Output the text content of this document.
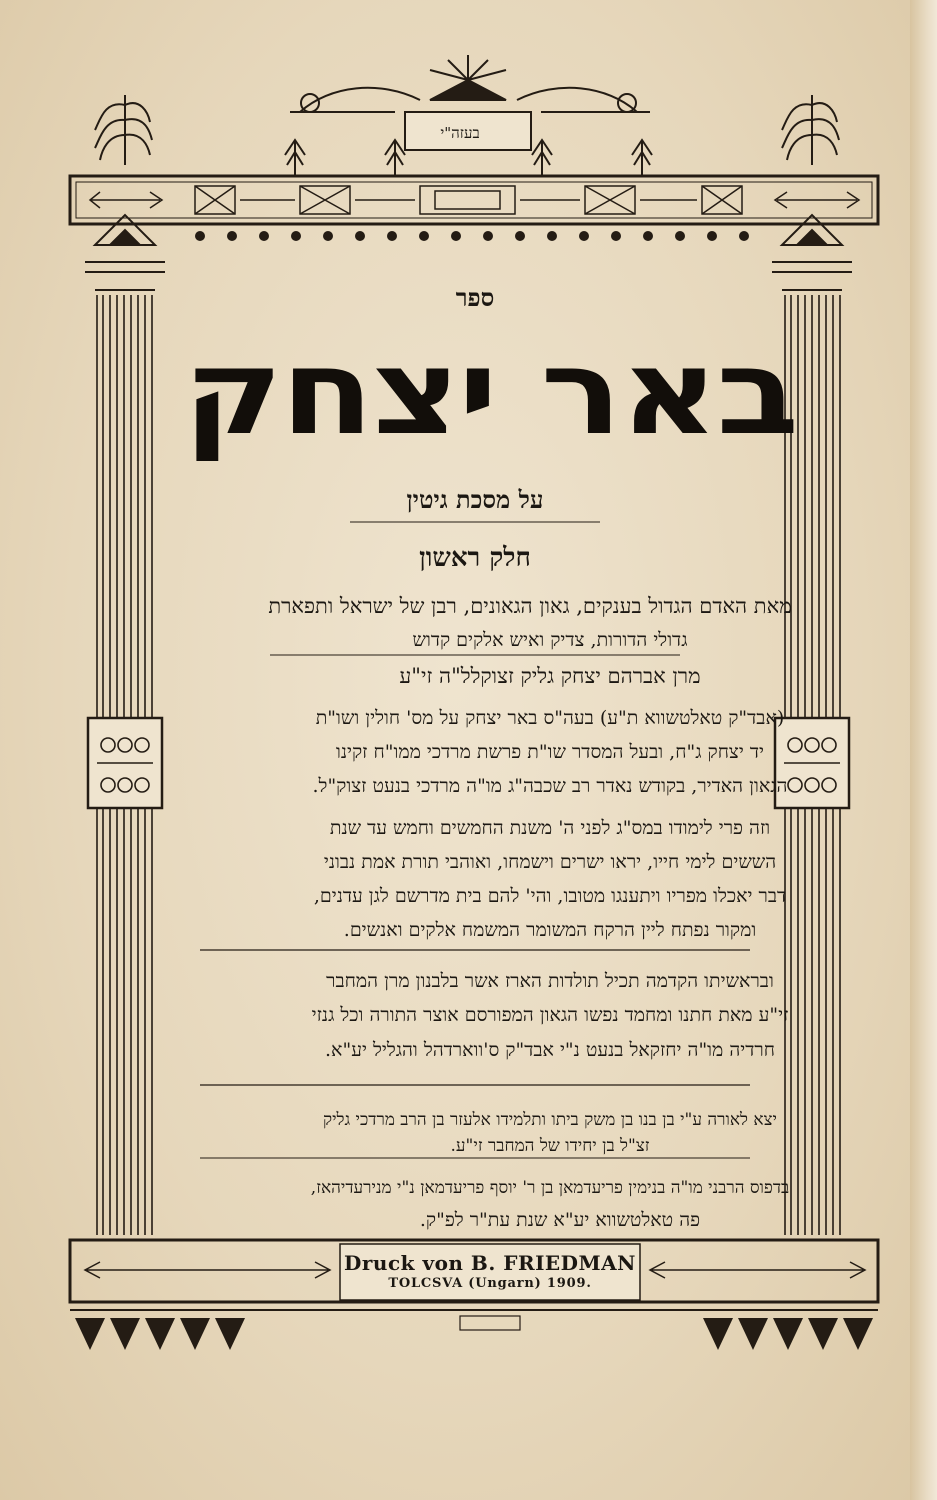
בעזה"י
ספר
באר יצחק
על מסכת גיטין
חלק ראשון
מאת האדם הגדול בענקים, גאון הגאונים, רבן של ישראל ותפארת
גדולי הדורות, צדיק ואיש אלקים קדוש
מרן אברהם יצחק גליק זצוקלל"ה זי"ע
(אבד"ק טאלטשווא ת"ע) בעה"ס באר יצחק על מס' חולין ושו"ת
יד יצחק ג"ח, ובעל המסדר שו"ת פרשת מרדכי ממו"ח זקינו
הגאון האדיר, בקודש נאדר רב שכבה"ג מו"ה מרדכי בנעט זצוק"ל.
וזה פרי לימודו במס"ג לפני ה' משנת החמשים וחמש עד שנת
הששים לימי חייו, יראו ישרים וישמחו, ואוהבי תורת אמת נבוני
דבר יאכלו מפריו ויתענגו מטובו, והי' להם בית מדרשם לגן עדנים,
ומקור נפתח ליין הרקח המשומר המשמח אלקים ואנשים.
ובראשיתו הקדמה תכיל תולדות הארז אשר בלבנון מרן המחבר
זי"ע מאת חתנו ומחמד נפשו הגאון המפורסם אוצר התורה וכל גנזי
חרדיה מו"ה יחזקאל בנעט נ"י אבד"ק ס'ווארדהל והגליל יע"א.
יצא לאורה ע"י בן בנו בן משק ביתו ותלמידו אלעזר בן הרב מרדכי גליק
זצ"ל בן יחידו של המחבר זי"ע.
בדפוס הרבני מו"ה בנימין פריעדמאן בן ר' יוסף פריעדמאן נ"י מנירעדיהאז,
פה טאלטשווא יע"א שנת עת"ר לפ"ק.
Druck von B. FRIEDMAN
TOLCSVA (Ungarn) 1909.
